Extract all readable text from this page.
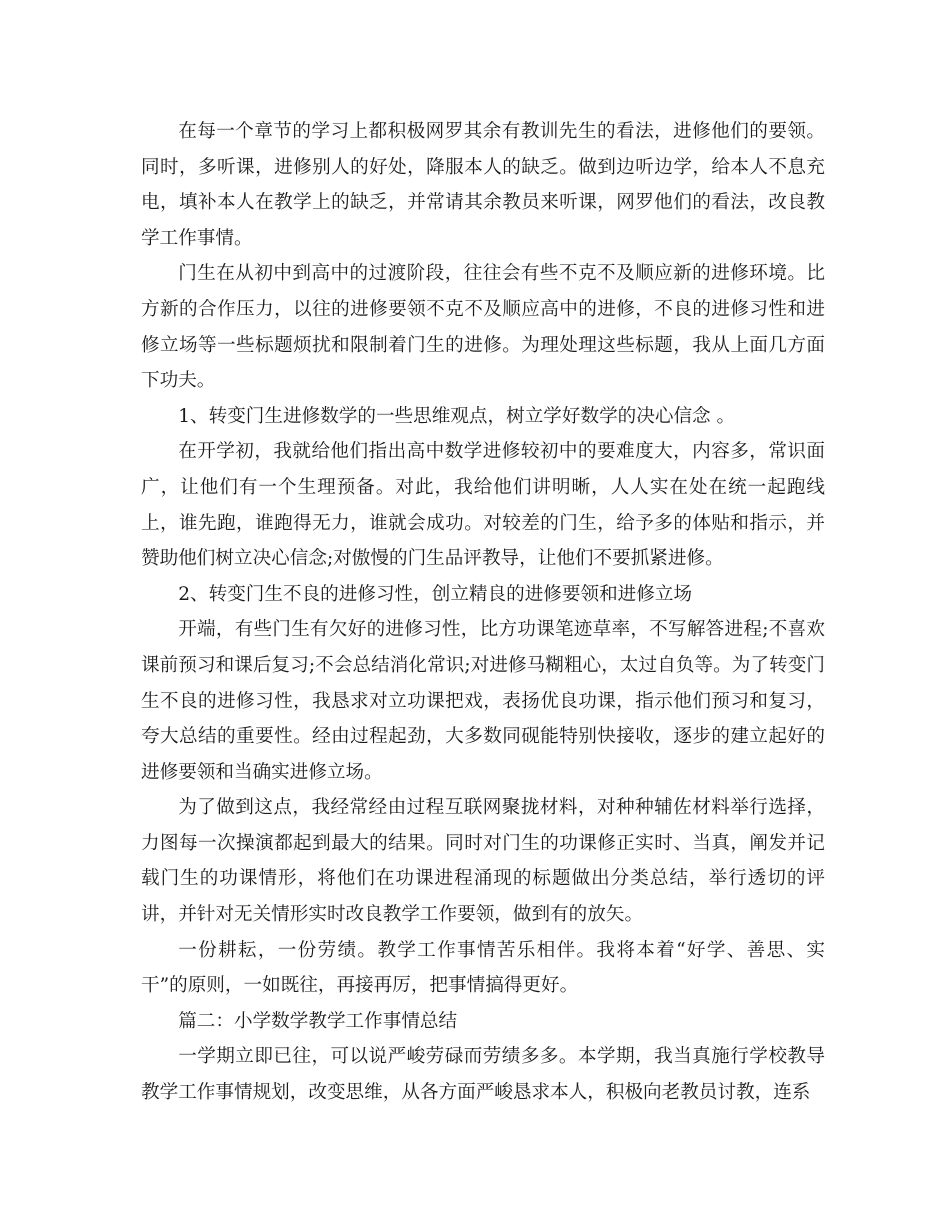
在每一个章节的学习上都积极网罗其余有教训先生的看法，进修他们的要领。同时，多听课，进修别人的好处，降服本人的缺乏。做到边听边学，给本人不息充电，填补本人在教学上的缺乏，并常请其余教员来听课，网罗他们的看法，改良教学工作事情。

门生在从初中到高中的过渡阶段，往往会有些不克不及顺应新的进修环境。比方新的合作压力，以往的进修要领不克不及顺应高中的进修，不良的进修习性和进修立场等一些标题烦扰和限制着门生的进修。为理处理这些标题，我从上面几方面下功夫。

1、转变门生进修数学的一些思维观点，树立学好数学的决心信念 。

在开学初，我就给他们指出高中数学进修较初中的要难度大，内容多，常识面广，让他们有一个生理预备。对此，我给他们讲明晰，人人实在处在统一起跑线上，谁先跑，谁跑得无力，谁就会成功。对较差的门生，给予多的体贴和指示，并赞助他们树立决心信念;对傲慢的门生品评教导，让他们不要抓紧进修。

2、转变门生不良的进修习性，创立精良的进修要领和进修立场

开端，有些门生有欠好的进修习性，比方功课笔迹草率，不写解答进程;不喜欢课前预习和课后复习;不会总结消化常识;对进修马糊粗心，太过自负等。为了转变门生不良的进修习性，我恳求对立功课把戏，表扬优良功课，指示他们预习和复习，夸大总结的重要性。经由过程起劲，大多数同砚能特别快接收，逐步的建立起好的进修要领和当确实进修立场。

为了做到这点，我经常经由过程互联网聚拢材料，对种种辅佐材料举行选择，力图每一次操演都起到最大的结果。同时对门生的功课修正实时、当真，阐发并记载门生的功课情形，将他们在功课进程涌现的标题做出分类总结，举行透切的评讲，并针对无关情形实时改良教学工作要领，做到有的放矢。

一份耕耘，一份劳绩。教学工作事情苦乐相伴。我将本着“好学、善思、实干”的原则，一如既往，再接再厉，把事情搞得更好。

篇二：小学数学教学工作事情总结

一学期立即已往，可以说严峻劳碌而劳绩多多。本学期，我当真施行学校教导教学工作事情规划，改变思维，从各方面严峻恳求本人，积极向老教员讨教，连系
